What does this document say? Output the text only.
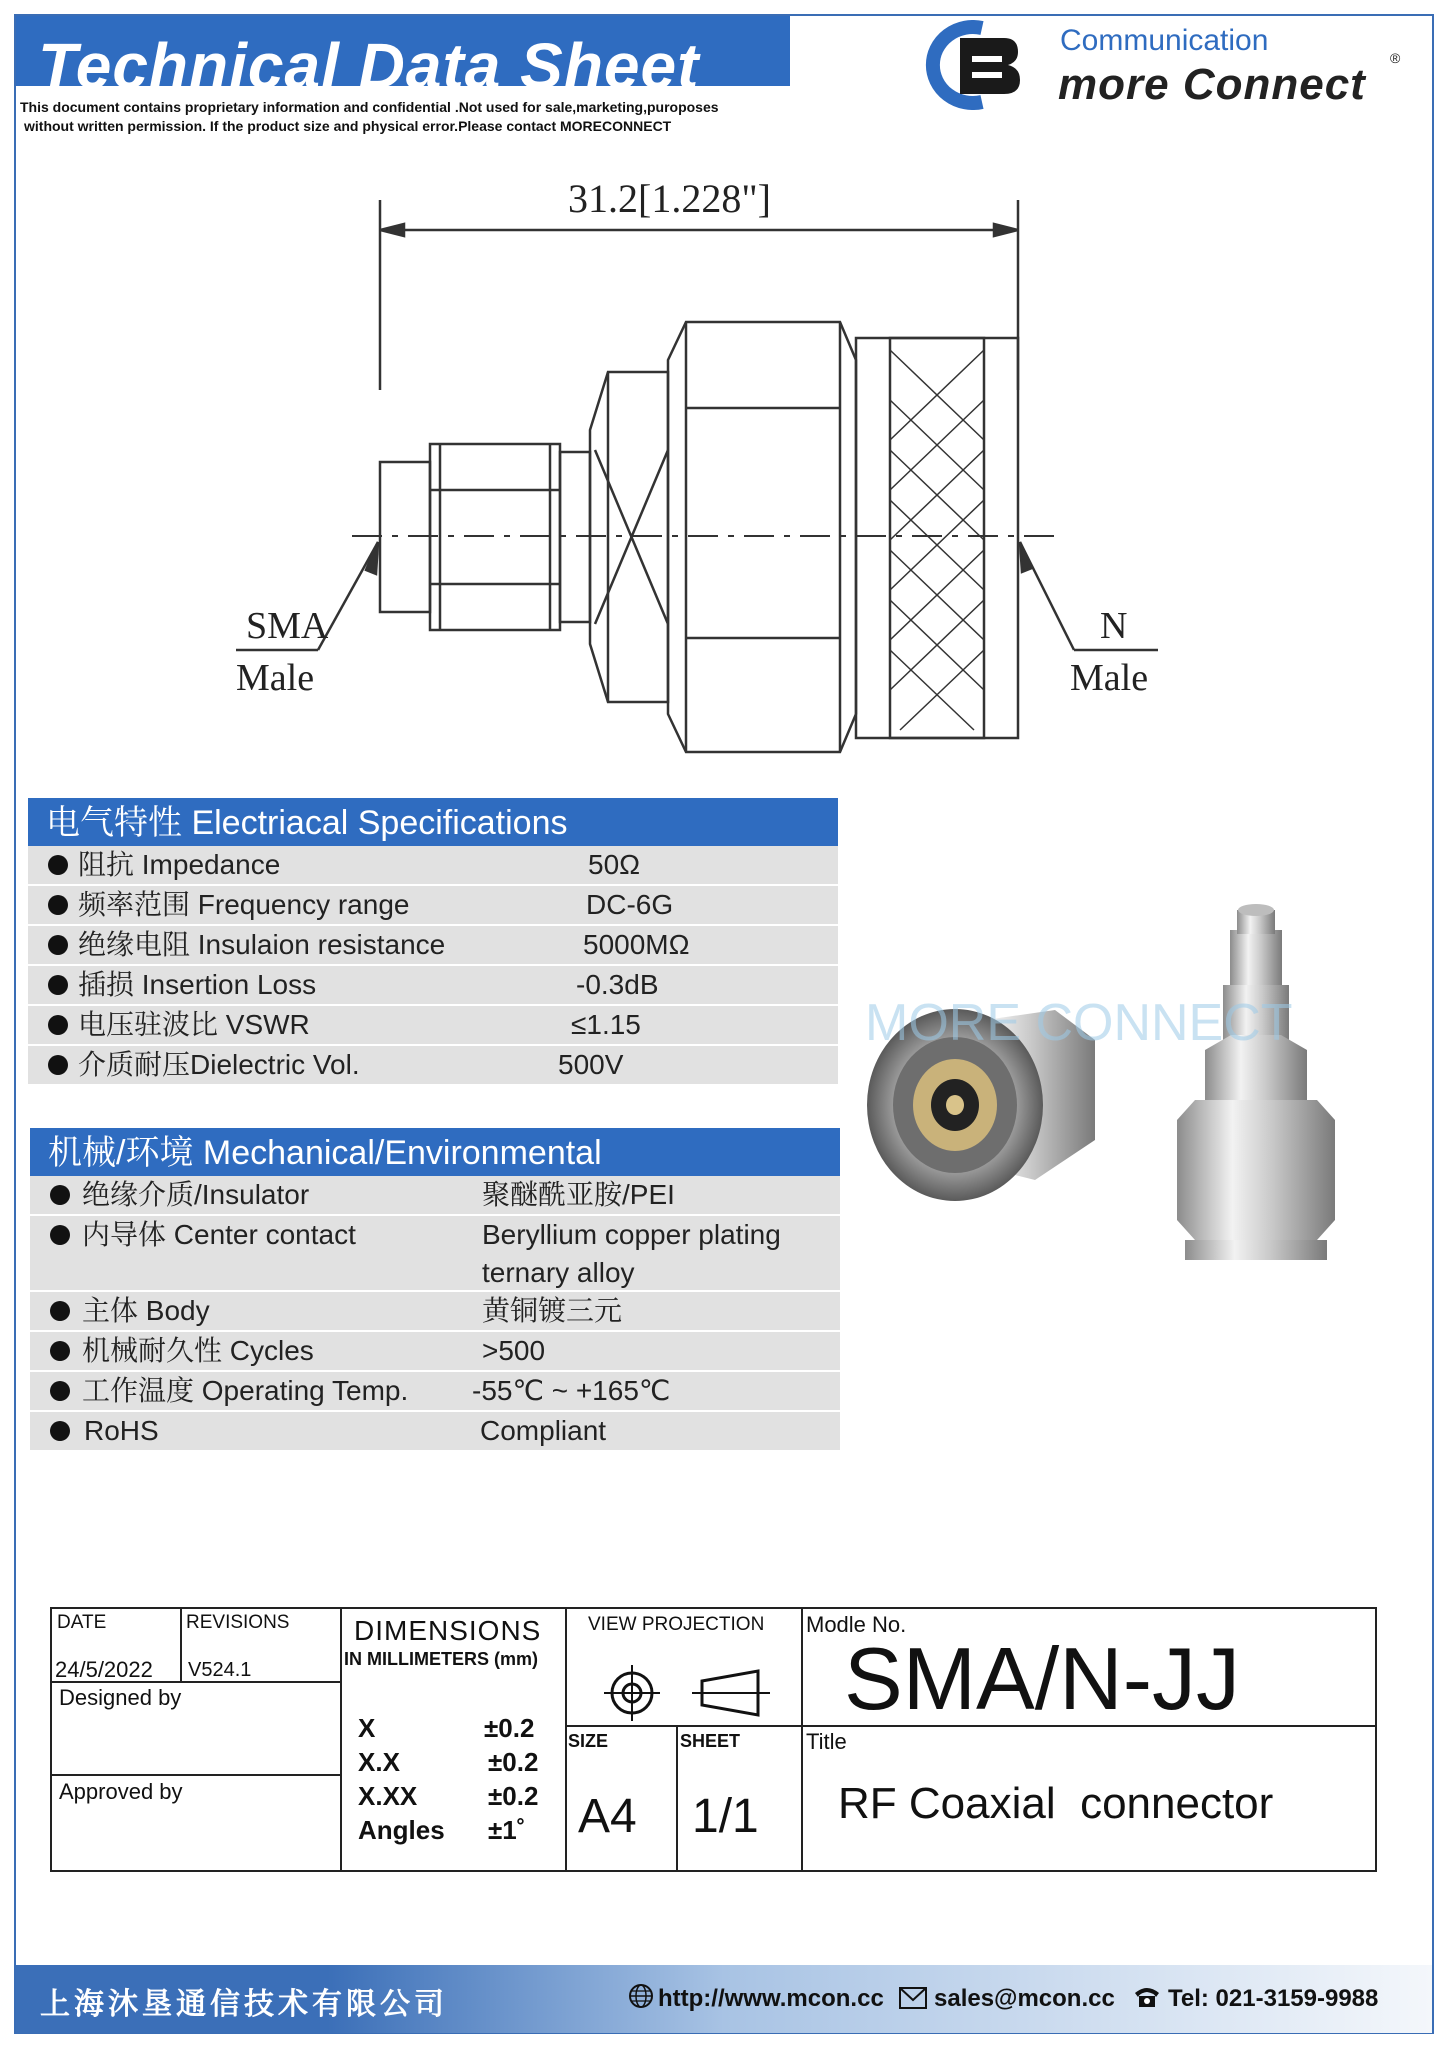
Technical Data Sheet
This document contains proprietary information and confidential .Not used for sale,marketing,puroposes
without written permission. If the product size and physical error.Please contact MORECONNECT
Communication
more Connect
®
31.2[1.228"]
SMA
Male
N
Male
电气特性 Electriacal Specifications
阻抗 Impedance	50Ω
频率范围 Frequency range	DC-6G
绝缘电阻 Insulaion resistance	5000MΩ
插损 Insertion Loss	-0.3dB
电压驻波比 VSWR	≤1.15
介质耐压Dielectric Vol.	500V
机械/环境 Mechanical/Environmental
绝缘介质/Insulator	聚醚酰亚胺/PEI
内导体 Center contact	Beryllium copper plating
ternary alloy
主体 Body	黄铜镀三元
机械耐久性 Cycles	>500
工作温度 Operating Temp. -55℃ ~ +165℃
RoHS	Compliant
MORE CONNECT
DATE
24/5/2022
REVISIONS
V524.1
Designed by
Approved by
DIMENSIONS
IN MILLIMETERS (mm)
X	±0.2
X.X	±0.2
X.XX	±0.2
Angles ±1˚
VIEW PROJECTION
SIZE
A4
SHEET
1/1
Modle No.
SMA/N-JJ
Title
RF Coaxial  connector
上海沐垦通信技术有限公司	http://www.mcon.cc sales@mcon.cc Tel: 021-3159-9988
